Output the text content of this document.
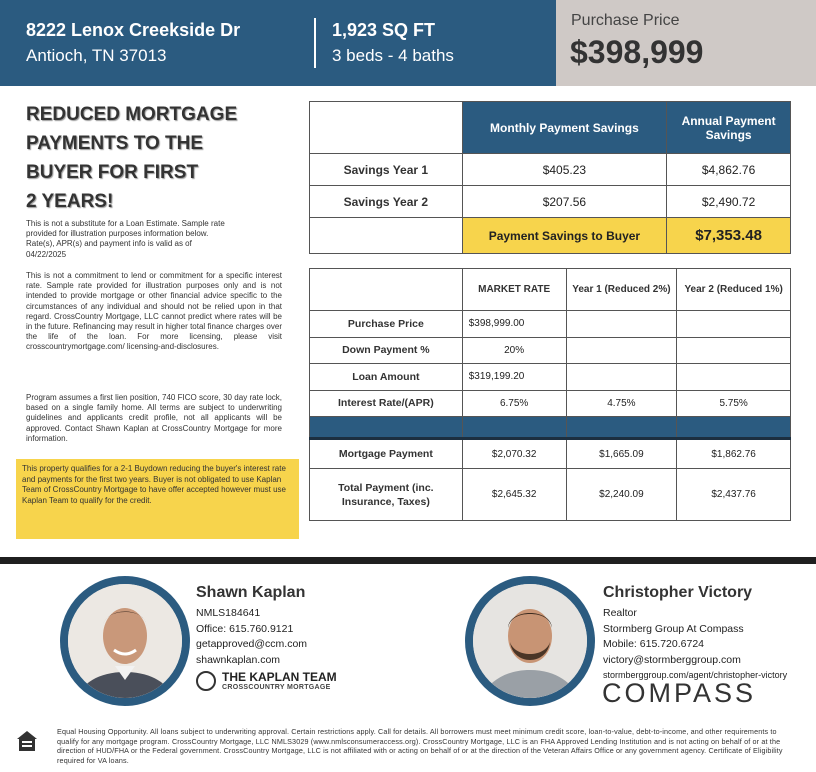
8222 Lenox Creekside Dr
Antioch, TN 37013
1,923 SQ FT
3 beds - 4 baths
Purchase Price
$398,999
REDUCED MORTGAGE
PAYMENTS TO THE
BUYER FOR FIRST
2 YEARS!
This is not a substitute for a Loan Estimate. Sample rate provided for illustration purposes information below. Rate(s), APR(s) and payment info is valid as of 04/22/2025
This is not a commitment to lend or commitment for a specific interest rate. Sample rate provided for illustration purposes only and is not intended to provide mortgage or other financial advice specific to the circumstances of any individual and should not be relied upon in that regard. CrossCountry Mortgage, LLC cannot predict where rates will be in the future. Refinancing may result in higher total finance charges over the life of the loan. For more licensing, please visit crosscountrymortgage.com/ licensing-and-disclosures.
Program assumes a first lien position, 740 FICO score, 30 day rate lock, based on a single family home. All terms are subject to underwriting guidelines and applicants credit profile, not all applicants will be approved. Contact Shawn Kaplan at CrossCountry Mortgage for more information.
This property qualifies for a 2-1 Buydown reducing the buyer's interest rate and payments for the first two years. Buyer is not obligated to use Kaplan Team of CrossCountry Mortgage to have offer accepted however must use Kaplan Team to qualify for the credit.
	Monthly Payment Savings	Annual Payment Savings
Savings Year 1	$405.23	$4,862.76
Savings Year 2	$207.56	$2,490.72
	Payment Savings to Buyer	$7,353.48
	MARKET RATE	Year 1 (Reduced 2%)	Year 2 (Reduced 1%)
Purchase Price	$398,999.00		
Down Payment %	20%		
Loan Amount	$319,199.20		
Interest Rate/(APR)	6.75%	4.75%	5.75%

Mortgage Payment	$2,070.32	$1,665.09	$1,862.76
Total Payment (inc. Insurance, Taxes)	$2,645.32	$2,240.09	$2,437.76
Shawn Kaplan
NMLS184641
Office: 615.760.9121
getapproved@ccm.com
shawnkaplan.com
THE KAPLAN TEAM
CROSSCOUNTRY MORTGAGE
Christopher Victory
Realtor
Stormberg Group At Compass
Mobile: 615.720.6724
victory@stormberggroup.com
stormberggroup.com/agent/christopher-victory
COMPASS
Equal Housing Opportunity. All loans subject to underwriting approval. Certain restrictions apply. Call for details. All borrowers must meet minimum credit score, loan-to-value, debt-to-income, and other requirements to qualify for any mortgage program. CrossCountry Mortgage, LLC NMLS3029 (www.nmlsconsumeraccess.org). CrossCountry Mortgage, LLC is an FHA Approved Lending Institution and is not acting on behalf of or at the direction of HUD/FHA or the Federal government. CrossCountry Mortgage, LLC is not affiliated with or acting on behalf of or at the direction of the Veteran Affairs Office or any government agency. Certificate of Eligibility required for VA loans.
